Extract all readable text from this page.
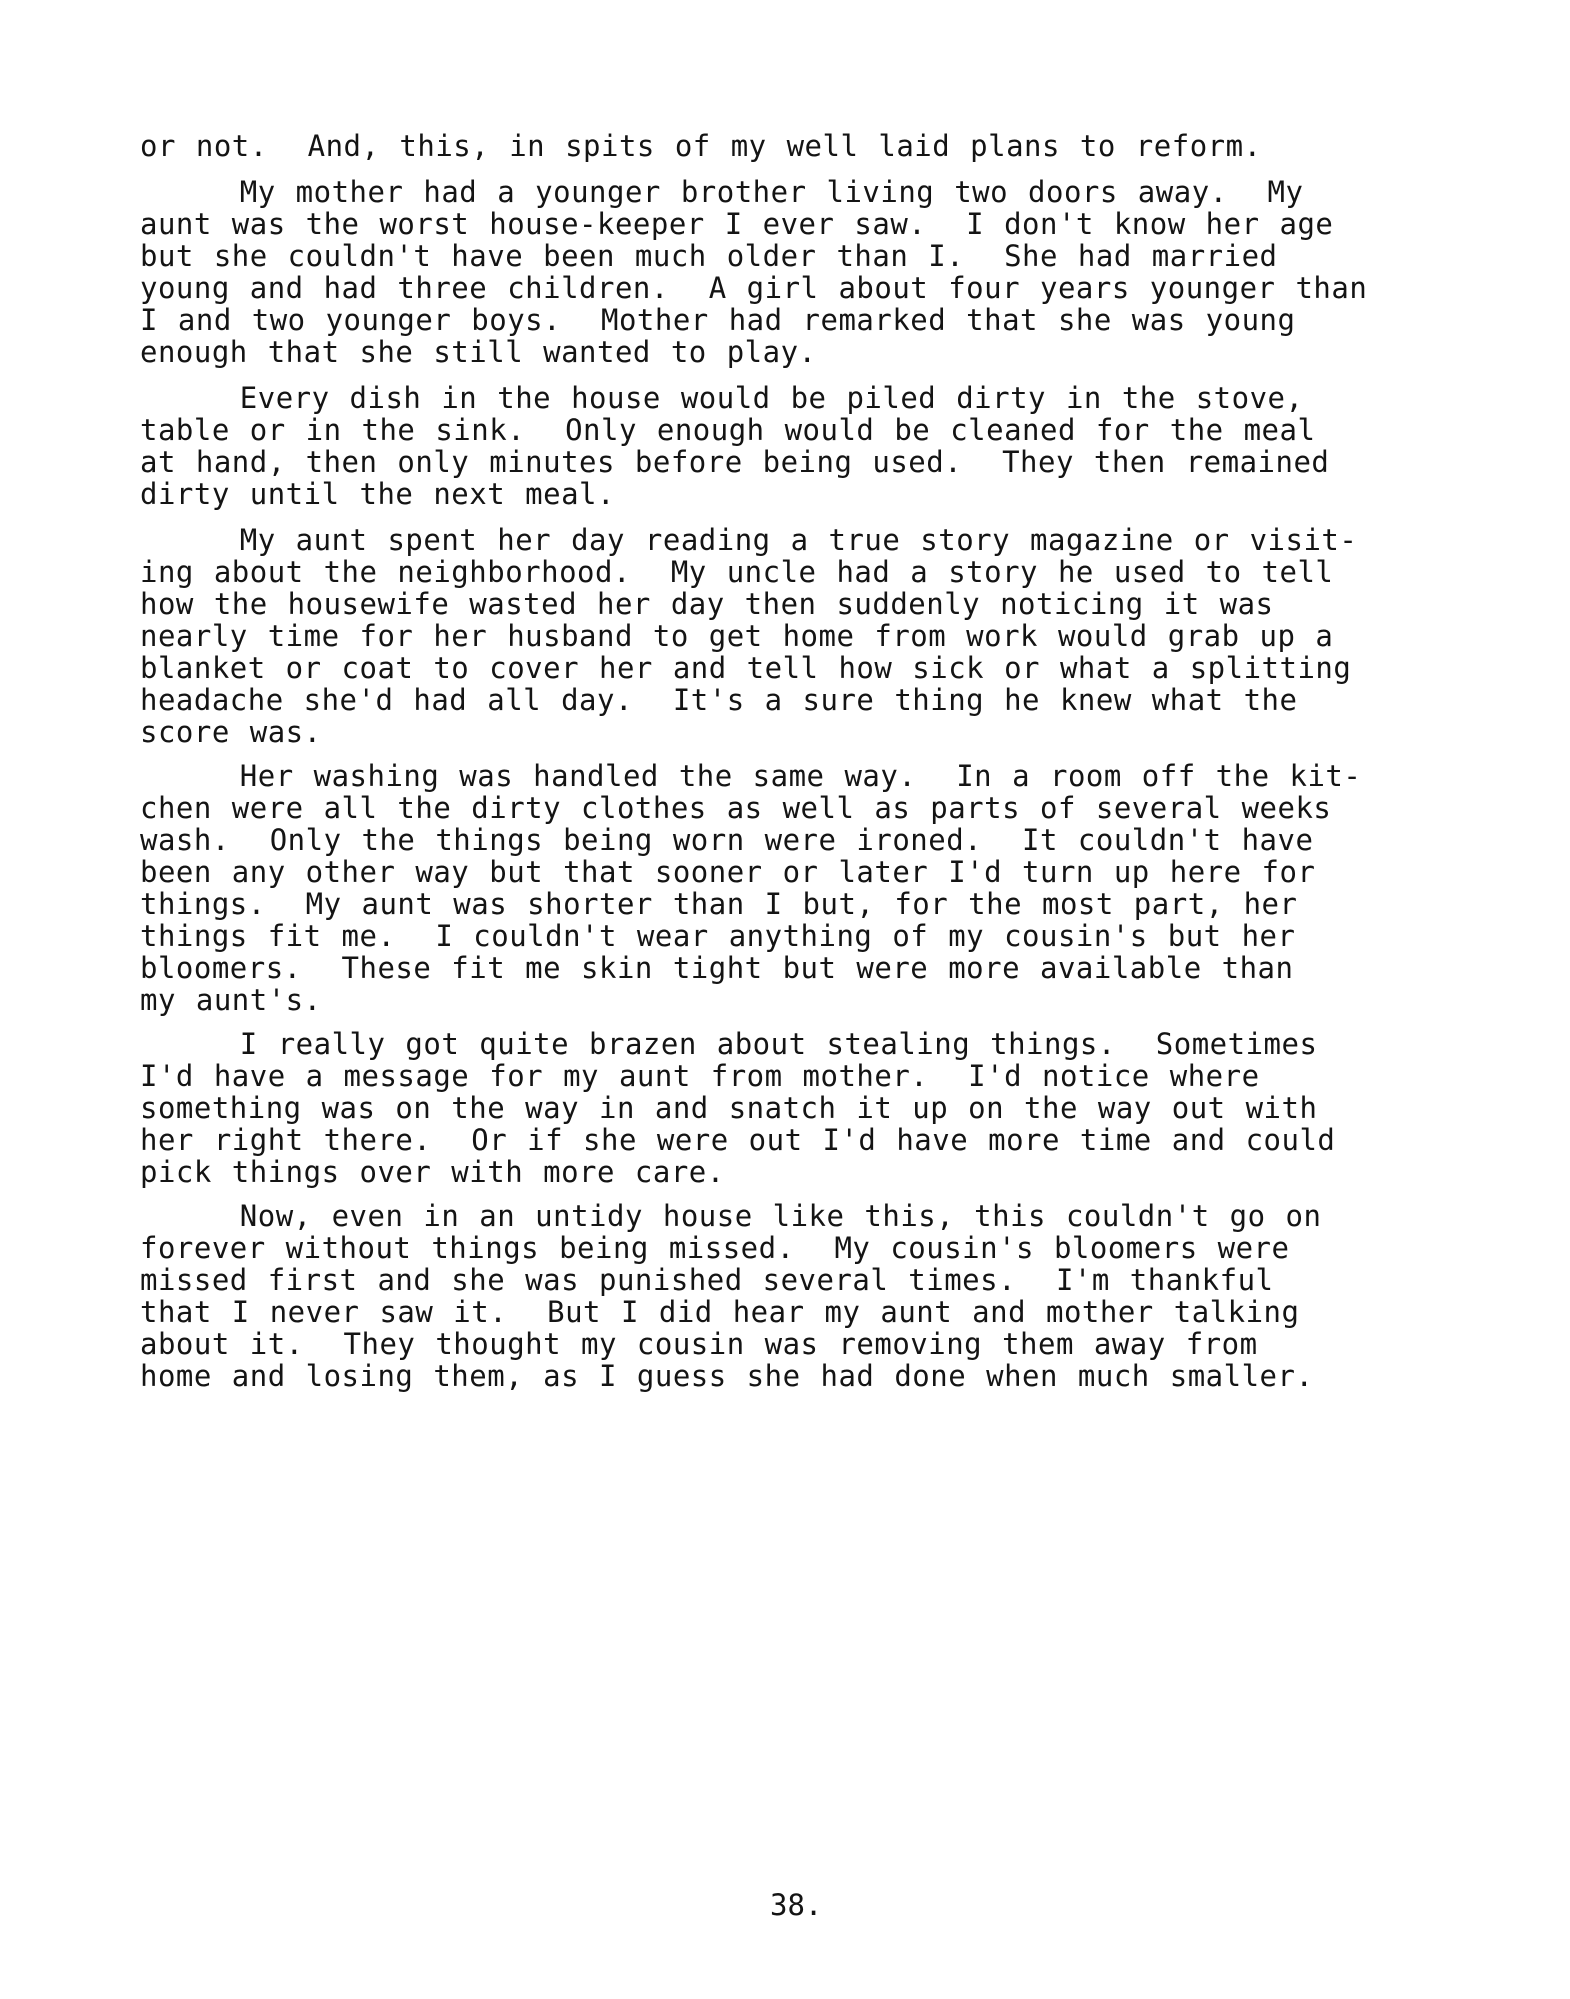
or not.  And, this, in spits of my well laid plans to reform.
My mother had a younger brother living two doors away.  My
aunt was the worst house-keeper I ever saw.  I don't know her age
but she couldn't have been much older than I.  She had married
young and had three children.  A girl about four years younger than
I and two younger boys.  Mother had remarked that she was young
enough that she still wanted to play.
Every dish in the house would be piled dirty in the stove,
table or in the sink.  Only enough would be cleaned for the meal
at hand, then only minutes before being used.  They then remained
dirty until the next meal.
My aunt spent her day reading a true story magazine or visit-
ing about the neighborhood.  My uncle had a story he used to tell
how the housewife wasted her day then suddenly noticing it was
nearly time for her husband to get home from work would grab up a
blanket or coat to cover her and tell how sick or what a splitting
headache she'd had all day.  It's a sure thing he knew what the
score was.
Her washing was handled the same way.  In a room off the kit-
chen were all the dirty clothes as well as parts of several weeks
wash.  Only the things being worn were ironed.  It couldn't have
been any other way but that sooner or later I'd turn up here for
things.  My aunt was shorter than I but, for the most part, her
things fit me.  I couldn't wear anything of my cousin's but her
bloomers.  These fit me skin tight but were more available than
my aunt's.
I really got quite brazen about stealing things.  Sometimes
I'd have a message for my aunt from mother.  I'd notice where
something was on the way in and snatch it up on the way out with
her right there.  Or if she were out I'd have more time and could
pick things over with more care.
Now, even in an untidy house like this, this couldn't go on
forever without things being missed.  My cousin's bloomers were
missed first and she was punished several times.  I'm thankful
that I never saw it.  But I did hear my aunt and mother talking
about it.  They thought my cousin was removing them away from
home and losing them, as I guess she had done when much smaller.
38.
